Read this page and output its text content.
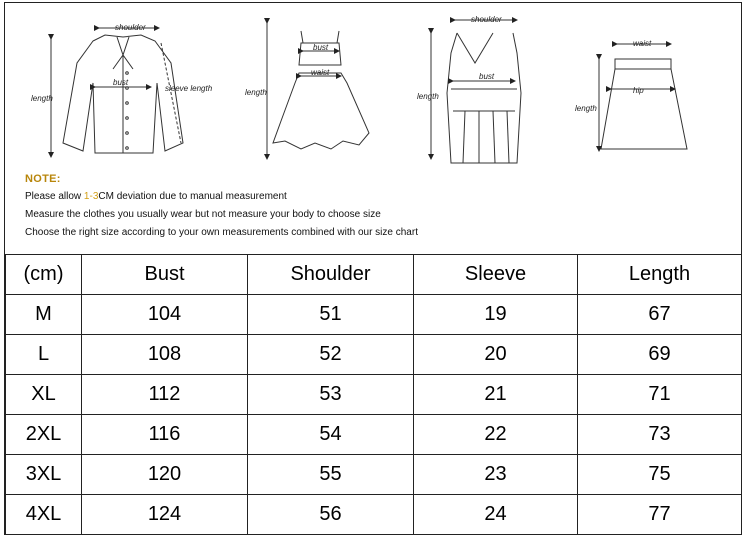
shoulder
bust
sleeve length
length
bust
waist
length
shoulder
bust
length
waist
hip
length

NOTE:

Please allow 1-3CM deviation due to manual measurement

Measure the clothes you usually wear but not measure your body to choose size

Choose the right size according to your own measurements combined with our size chart

(cm)	Bust	Shoulder	Sleeve	Length
M	104	51	19	67
L	108	52	20	69
XL	112	53	21	71
2XL	116	54	22	73
3XL	120	55	23	75
4XL	124	56	24	77
